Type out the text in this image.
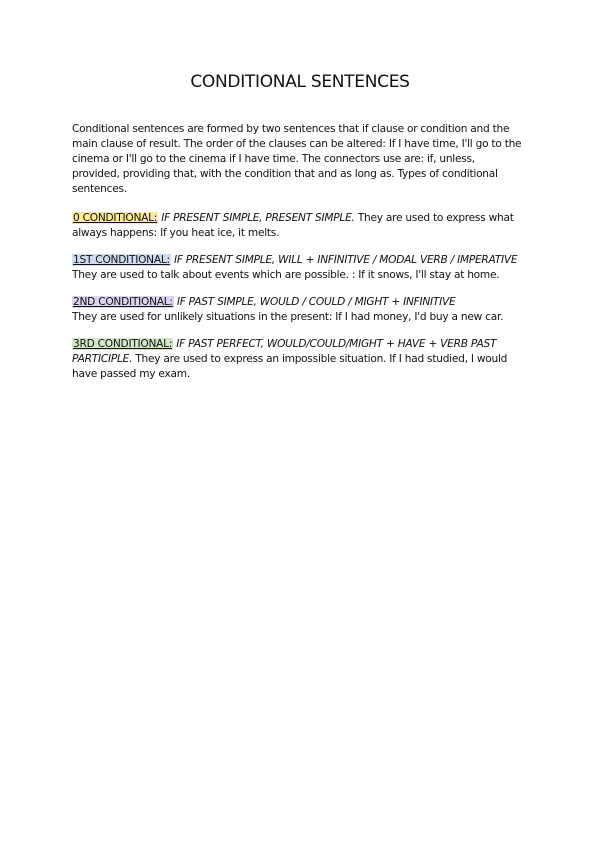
CONDITIONAL SENTENCES

Conditional sentences are formed by two sentences that if clause or condition and the main clause of result. The order of the clauses can be altered: If I have time, I'll go to the cinema or I'll go to the cinema if I have time. The connectors use are: if, unless, provided, providing that, with the condition that and as long as. Types of conditional sentences.

0 CONDITIONAL: IF PRESENT SIMPLE, PRESENT SIMPLE. They are used to express what always happens: If you heat ice, it melts.

1ST CONDITIONAL: IF PRESENT SIMPLE, WILL + INFINITIVE / MODAL VERB / IMPERATIVE
They are used to talk about events which are possible. : If it snows, I'll stay at home.

2ND CONDITIONAL: IF PAST SIMPLE, WOULD / COULD / MIGHT + INFINITIVE
They are used for unlikely situations in the present: If I had money, I'd buy a new car.

3RD CONDITIONAL: IF PAST PERFECT, WOULD/COULD/MIGHT + HAVE + VERB PAST PARTICIPLE. They are used to express an impossible situation. If I had studied, I would have passed my exam.
